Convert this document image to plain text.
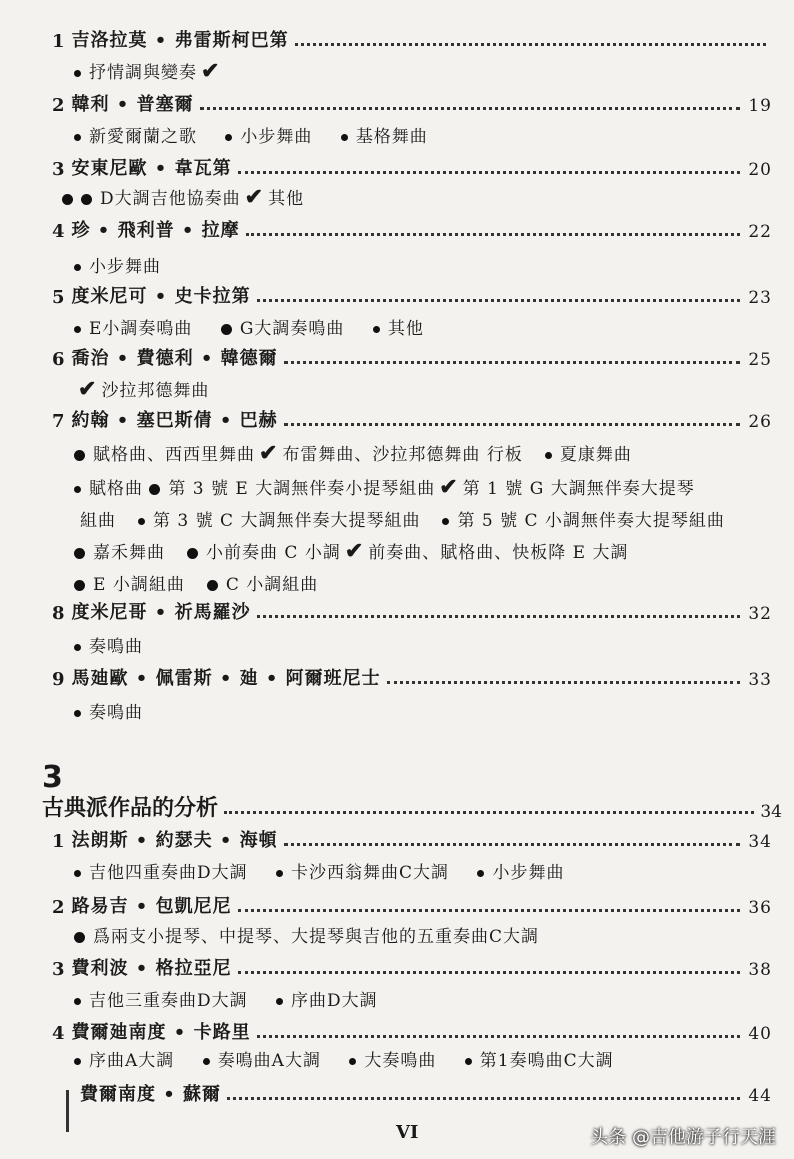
1 吉洛拉莫 • 弗雷斯柯巴第
抒情調與變奏 ✔
2 韓利 • 普塞爾	19
新愛爾蘭之歌	小步舞曲	基格舞曲
3 安東尼歐 • 韋瓦第	20
D大調吉他協奏曲 ✔ 其他
4 珍 • 飛利普 • 拉摩	22
小步舞曲
5 度米尼可 • 史卡拉第	23
E小調奏鳴曲	G大調奏鳴曲	其他
6 喬治 • 費德利 • 韓德爾	25
✔ 沙拉邦德舞曲
7 約翰 • 塞巴斯倩 • 巴赫	26
賦格曲、西西里舞曲 ✔ 布雷舞曲、沙拉邦德舞曲 行板 夏康舞曲
賦格曲 第 3 號 E 大調無伴奏小提琴組曲 ✔ 第 1 號 G 大調無伴奏大提琴
組曲 第 3 號 C 大調無伴奏大提琴組曲 第 5 號 C 小調無伴奏大提琴組曲
嘉禾舞曲 小前奏曲 C 小調 ✔ 前奏曲、賦格曲、快板降 E 大調
E 小調組曲 C 小調組曲
8 度米尼哥 • 祈馬羅沙	32
奏鳴曲
9 馬廸歐 • 佩雷斯 • 廸 • 阿爾班尼士	33
奏鳴曲
3
古典派作品的分析	34
1 法朗斯 • 約瑟夫 • 海頓	34
吉他四重奏曲D大調	卡沙西翁舞曲C大調	小步舞曲
2 路易吉 • 包凱尼尼	36
爲兩支小提琴、中提琴、大提琴與吉他的五重奏曲C大調
3 費利波 • 格拉亞尼	38
吉他三重奏曲D大調	序曲D大調
4 費爾廸南度 • 卡路里	40
序曲A大調	奏鳴曲A大調	大奏鳴曲	第1奏鳴曲C大調
費爾南度 • 蘇爾	44
VI	头条 @吉他游子行天涯
